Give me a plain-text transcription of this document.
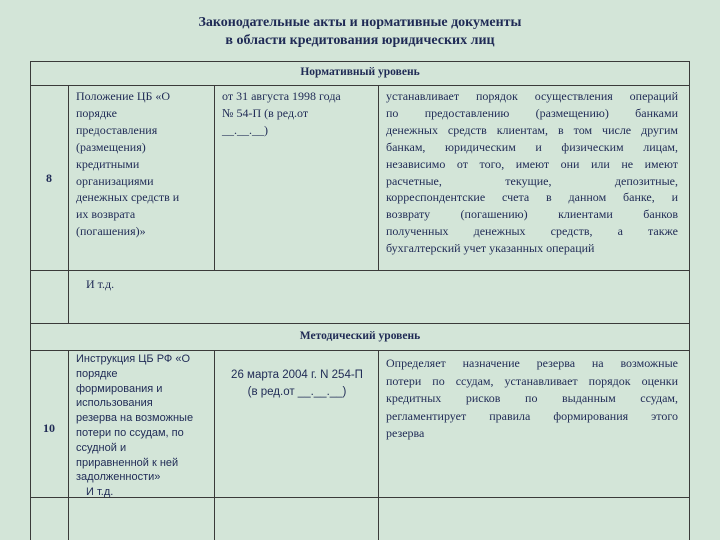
Законодательные акты и нормативные документы
в области кредитования юридических лиц
Нормативный уровень
Методический уровень
8
Положение ЦБ «О
порядке
предоставления
(размещения)
кредитными
организациями
денежных средств и
их возврата
(погашения)»
от 31 августа 1998 года
№ 54-П (в ред.от
__.__.__)
устанавливает порядок осуществления операций
по предоставлению (размещению) банками
денежных средств клиентам, в том числе другим
банкам, юридическим и физическим лицам,
независимо от того, имеют они или не имеют
расчетные, текущие, депозитные,
корреспондентские счета в данном банке, и
возврату (погашению) клиентами банков
полученных денежных средств, а также
бухгалтерский учет указанных операций
И т.д.
10
Инструкция ЦБ РФ «О
порядке
формирования и
использования
резерва на возможные
потери по ссудам, по
ссудной и
приравненной к ней
задолженности»
И т.д.
26 марта 2004 г. N 254-П
(в ред.от __.__.__)
Определяет назначение резерва на возможные
потери по ссудам, устанавливает порядок оценки
кредитных рисков по выданным ссудам,
регламентирует правила формирования этого
резерва
